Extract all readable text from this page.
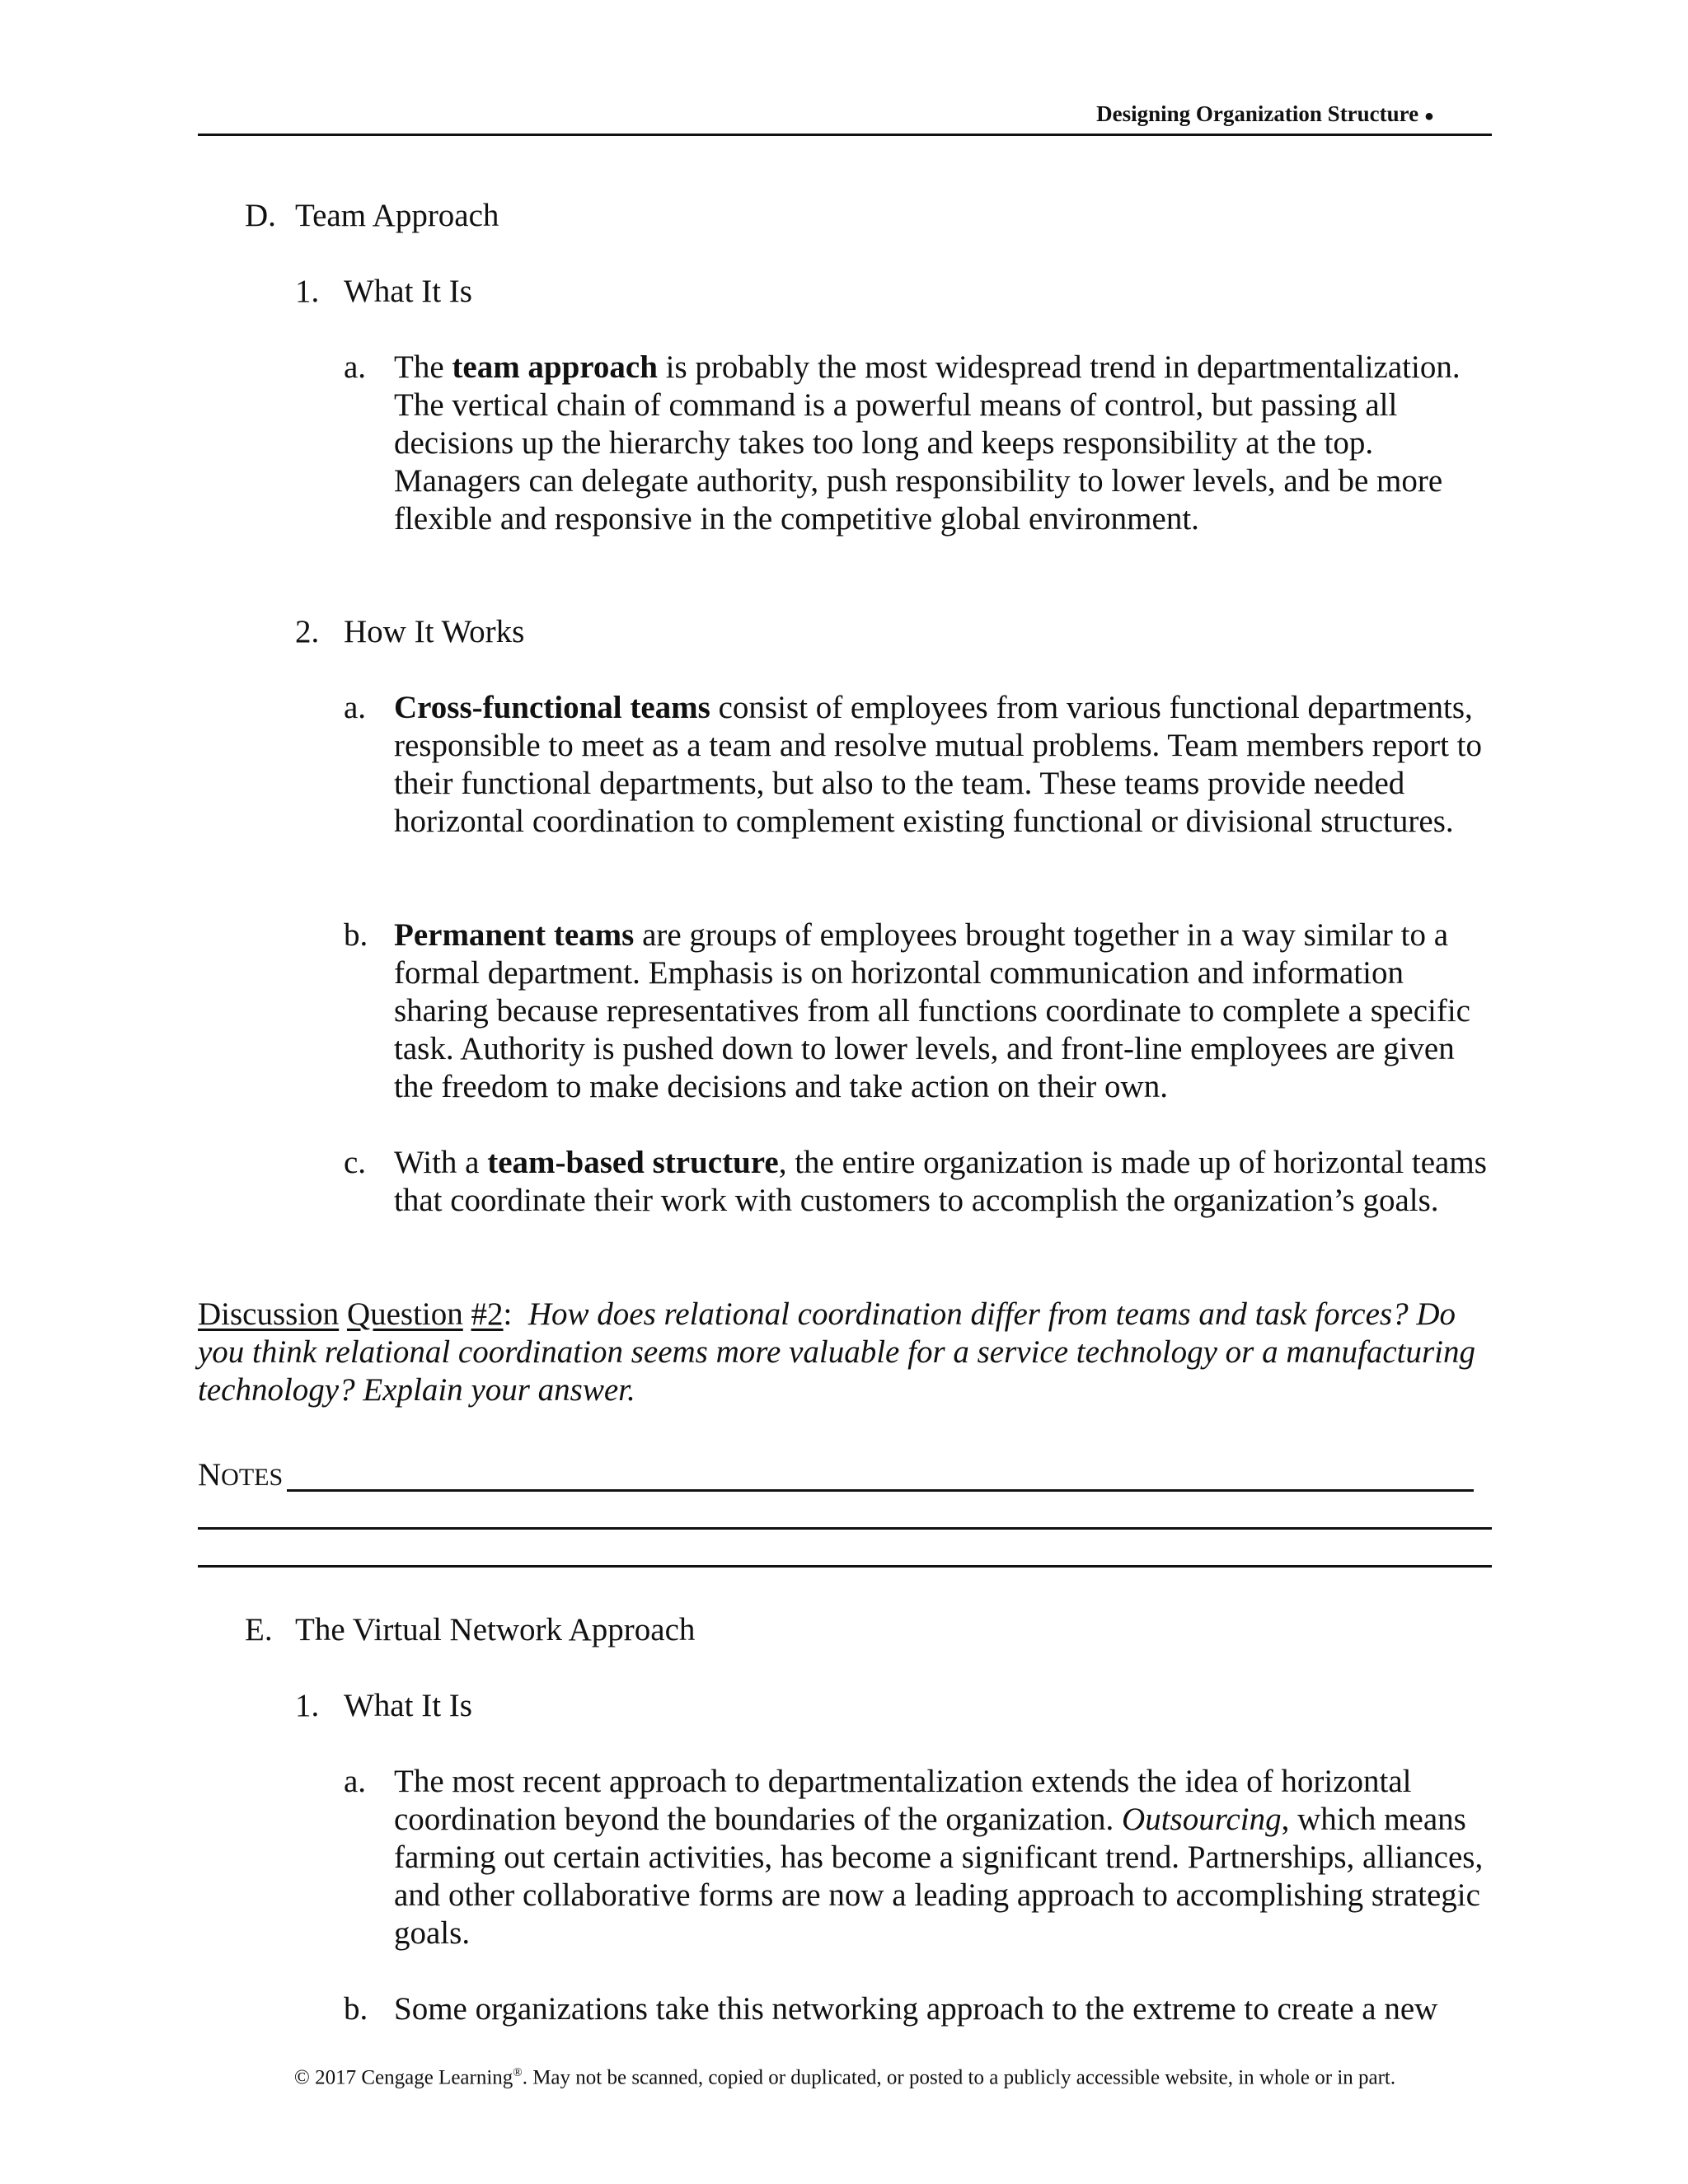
Designing Organization Structure ●
D. Team Approach
1. What It Is
a. The team approach is probably the most widespread trend in departmentalization. The vertical chain of command is a powerful means of control, but passing all decisions up the hierarchy takes too long and keeps responsibility at the top. Managers can delegate authority, push responsibility to lower levels, and be more flexible and responsive in the competitive global environment.

2. How It Works
a. Cross-functional teams consist of employees from various functional departments, responsible to meet as a team and resolve mutual problems. Team members report to their functional departments, but also to the team. These teams provide needed horizontal coordination to complement existing functional or divisional structures.

b. Permanent teams are groups of employees brought together in a way similar to a formal department. Emphasis is on horizontal communication and information sharing because representatives from all functions coordinate to complete a specific task. Authority is pushed down to lower levels, and front-line employees are given the freedom to make decisions and take action on their own.

c. With a team-based structure, the entire organization is made up of horizontal teams that coordinate their work with customers to accomplish the organization’s goals.

Discussion Question #2: How does relational coordination differ from teams and task forces? Do you think relational coordination seems more valuable for a service technology or a manufacturing technology? Explain your answer.

NOTES
E. The Virtual Network Approach
1. What It Is
a. The most recent approach to departmentalization extends the idea of horizontal coordination beyond the boundaries of the organization. Outsourcing, which means farming out certain activities, has become a significant trend. Partnerships, alliances, and other collaborative forms are now a leading approach to accomplishing strategic goals.

b. Some organizations take this networking approach to the extreme to create a new

© 2017 Cengage Learning®. May not be scanned, copied or duplicated, or posted to a publicly accessible website, in whole or in part.
